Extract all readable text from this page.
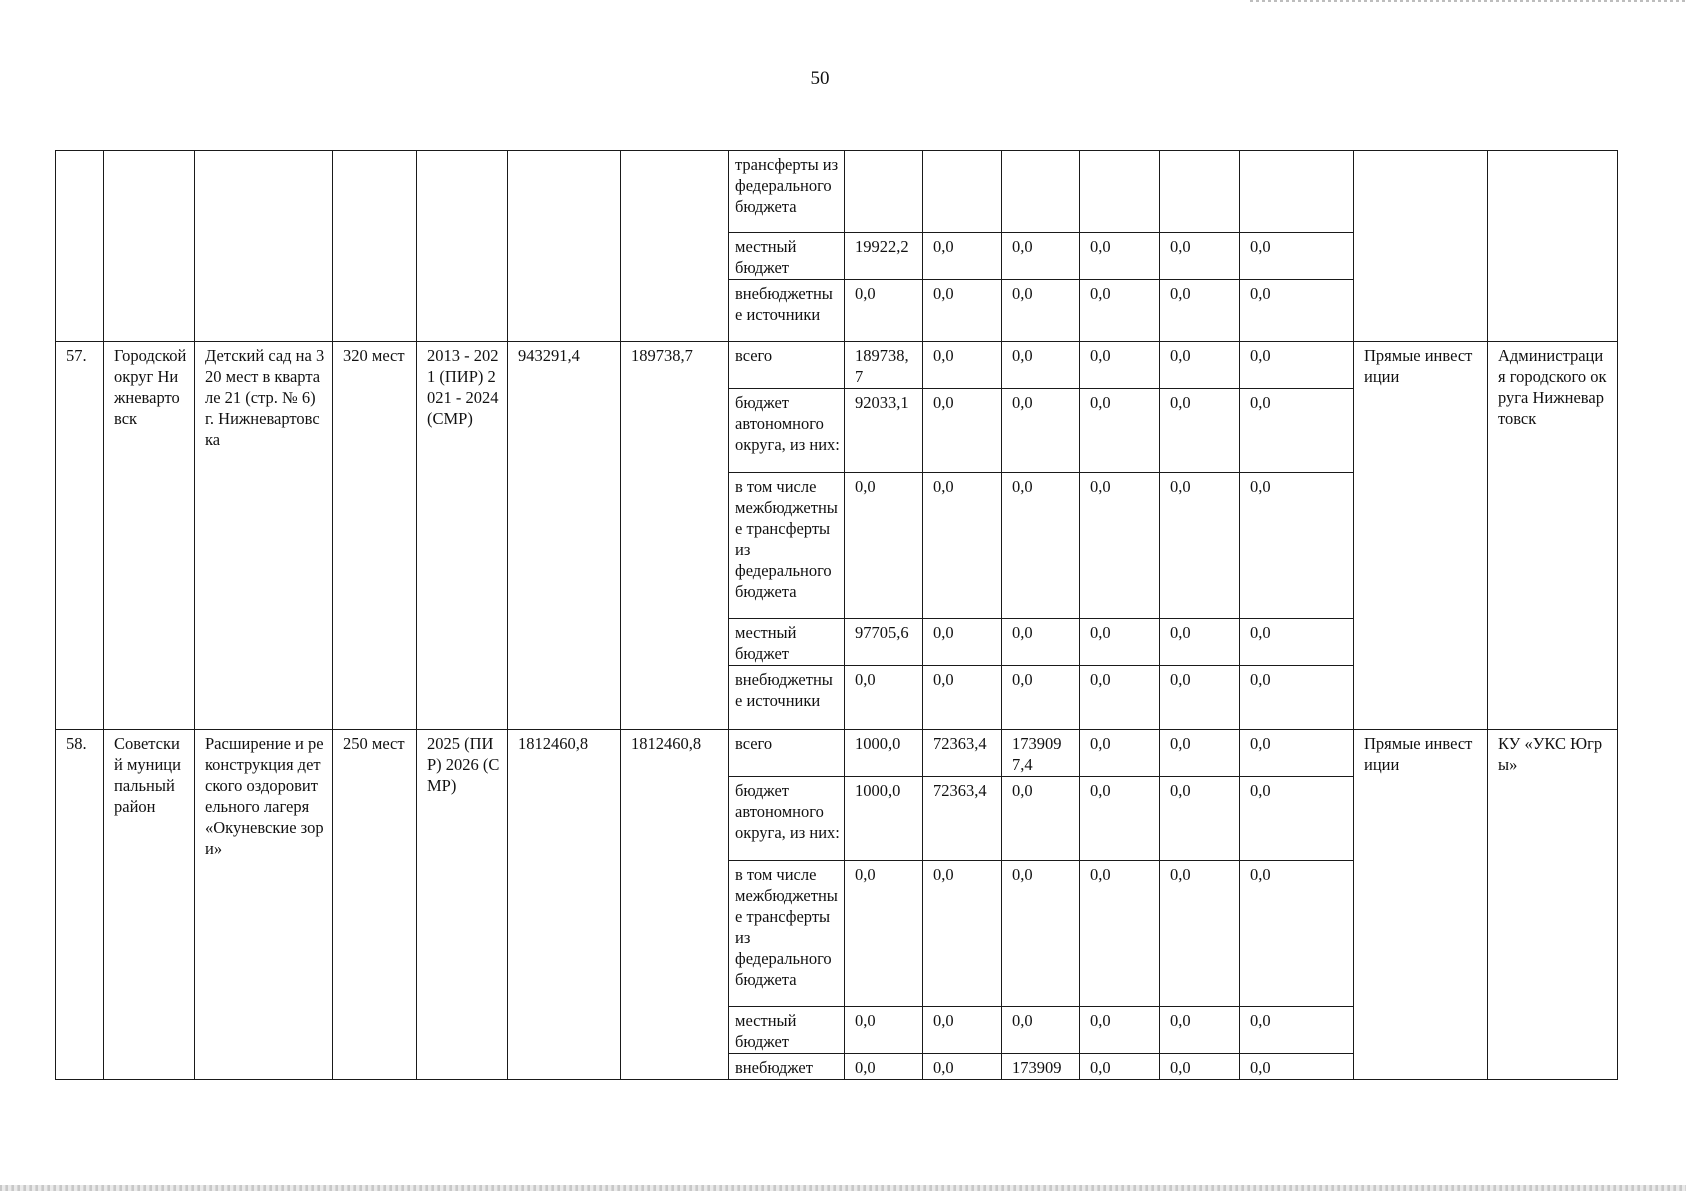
50
							трансферты из федерального бюджета								
							местный бюджет	19922,2	0,0	0,0	0,0	0,0	0,0		
							внебюджетные источники	0,0	0,0	0,0	0,0	0,0	0,0		
57.	Городской округ Нижневартовск	Детский сад на 320 мест в квартале 21 (стр. № 6) г. Нижневартовска	320 мест	2013 - 2021 (ПИР) 2021 - 2024 (СМР)	943291,4	189738,7	всего	189738,7	0,0	0,0	0,0	0,0	0,0	Прямые инвестиции	Администрация городского округа Нижневартовск
							бюджет автономного округа, из них:	92033,1	0,0	0,0	0,0	0,0	0,0		
							в том числе межбюджетные трансферты из федерального бюджета	0,0	0,0	0,0	0,0	0,0	0,0		
							местный бюджет	97705,6	0,0	0,0	0,0	0,0	0,0		
							внебюджетные источники	0,0	0,0	0,0	0,0	0,0	0,0		
58.	Советский муниципальный район	Расширение и реконструкция детского оздоровительного лагеря «Окуневские зори»	250 мест	2025 (ПИР) 2026 (СМР)	1812460,8	1812460,8	всего	1000,0	72363,4	1739097,4	0,0	0,0	0,0	Прямые инвестиции	КУ «УКС Югры»
							бюджет автономного округа, из них:	1000,0	72363,4	0,0	0,0	0,0	0,0		
							в том числе межбюджетные трансферты из федерального бюджета	0,0	0,0	0,0	0,0	0,0	0,0		
							местный бюджет	0,0	0,0	0,0	0,0	0,0	0,0		
							внебюджет	0,0	0,0	173909	0,0	0,0	0,0		
